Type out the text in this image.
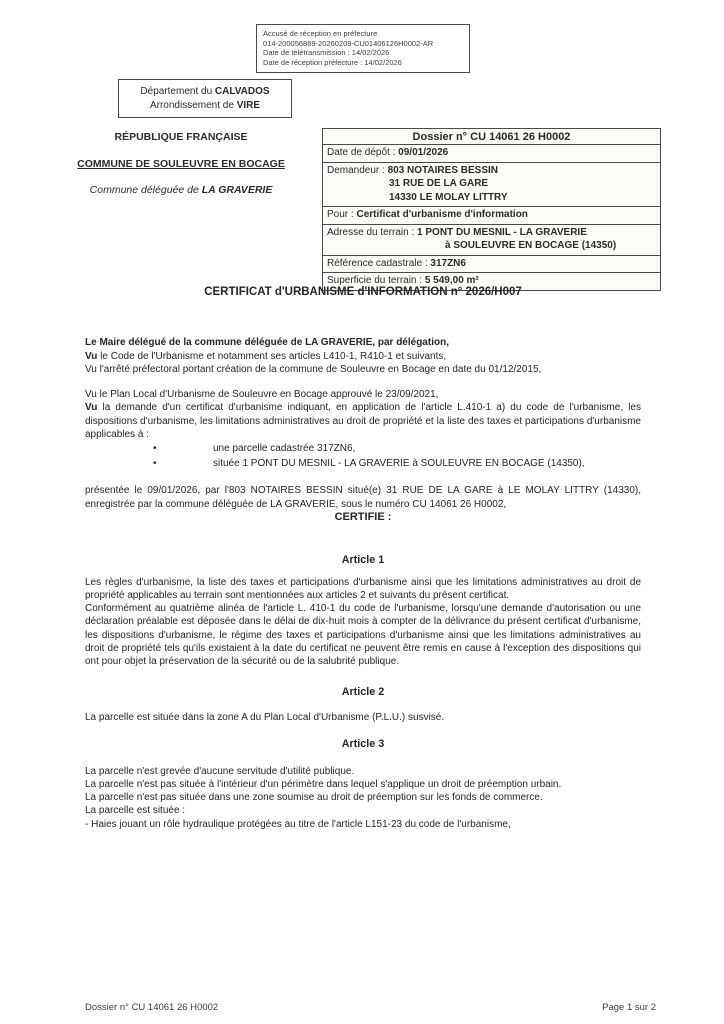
Accusé de réception en préfecture
014-200056869-20260209-CU01406126H0002-AR
Date de télétransmission : 14/02/2026
Date de réception préfecture : 14/02/2026
Département du CALVADOS
Arrondissement de VIRE
RÉPUBLIQUE FRANÇAISE
COMMUNE DE SOULEUVRE EN BOCAGE
Commune déléguée de LA GRAVERIE
Dossier n° CU 14061 26 H0002
Date de dépôt : 09/01/2026
Demandeur : 803 NOTAIRES BESSIN
31 RUE DE LA GARE
14330 LE MOLAY LITTRY
Pour : Certificat d'urbanisme d'information
Adresse du terrain : 1 PONT DU MESNIL - LA GRAVERIE
à SOULEUVRE EN BOCAGE (14350)
Référence cadastrale : 317ZN6
Superficie du terrain : 5 549,00 m²
CERTIFICAT d'URBANISME d'INFORMATION n° 2026/H007

Le Maire délégué de la commune déléguée de LA GRAVERIE, par délégation,

Vu le Code de l'Urbanisme et notamment ses articles L410-1, R410-1 et suivants,
Vu l'arrêté préfectoral portant création de la commune de Souleuvre en Bocage en date du 01/12/2015,

Vu le Plan Local d'Urbanisme de Souleuvre en Bocage approuvé le 23/09/2021,

Vu la demande d'un certificat d'urbanisme indiquant, en application de l'article L.410-1 a) du code de l'urbanisme, les dispositions d'urbanisme, les limitations administratives au droit de propriété et la liste des taxes et participations d'urbanisme applicables à :

•	une parcelle cadastrée 317ZN6,
•	située 1 PONT DU MESNIL - LA GRAVERIE à SOULEUVRE EN BOCAGE (14350),

présentée le 09/01/2026, par l'803 NOTAIRES BESSIN situé(e) 31 RUE DE LA GARE à LE MOLAY LITTRY (14330), enregistrée par la commune déléguée de LA GRAVERIE, sous le numéro CU 14061 26 H0002,

CERTIFIE :
Article 1

Les règles d'urbanisme, la liste des taxes et participations d'urbanisme ainsi que les limitations administratives au droit de propriété applicables au terrain sont mentionnées aux articles 2 et suivants du présent certificat.

Conformément au quatrième alinéa de l'article L. 410-1 du code de l'urbanisme, lorsqu'une demande d'autorisation ou une déclaration préalable est déposée dans le délai de dix-huit mois à compter de la délivrance du présent certificat d'urbanisme, les dispositions d'urbanisme, le régime des taxes et participations d'urbanisme ainsi que les limitations administratives au droit de propriété tels qu'ils existaient à la date du certificat ne peuvent être remis en cause à l'exception des dispositions qui ont pour objet la préservation de la sécurité ou de la salubrité publique.

Article 2

La parcelle est située dans la zone A du Plan Local d'Urbanisme (P.L.U.) susvisé.

Article 3

La parcelle n'est grevée d'aucune servitude d'utilité publique.

La parcelle n'est pas située à l'intérieur d'un périmètre dans lequel s'applique un droit de préemption urbain.

La parcelle n'est pas située dans une zone soumise au droit de préemption sur les fonds de commerce.

La parcelle est située :

- Haies jouant un rôle hydraulique protégées au titre de l'article L151-23 du code de l'urbanisme,

Dossier n° CU 14061 26 H0002	Page 1 sur 2
